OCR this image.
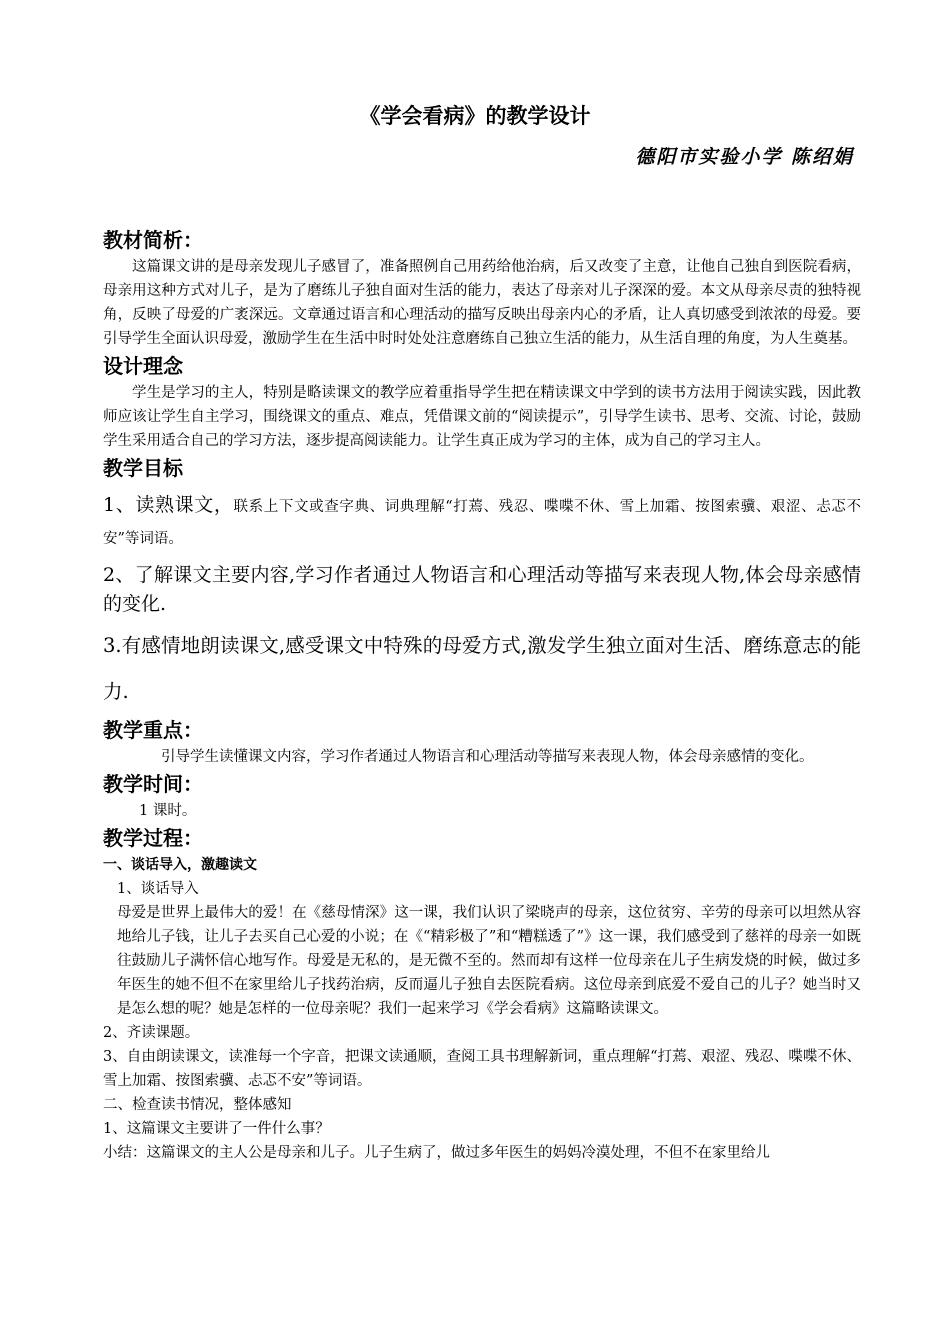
《学会看病》的教学设计
德阳市实验小学 陈绍娟
教材简析：

这篇课文讲的是母亲发现儿子感冒了，准备照例自己用药给他治病，后又改变了主意，让他自己独自到医院看病，母亲用这种方式对儿子，是为了磨练儿子独自面对生活的能力，表达了母亲对儿子深深的爱。本文从母亲尽责的独特视角，反映了母爱的广袤深远。文章通过语言和心理活动的描写反映出母亲内心的矛盾，让人真切感受到浓浓的母爱。要引导学生全面认识母爱，激励学生在生活中时时处处注意磨练自己独立生活的能力，从生活自理的角度，为人生奠基。

设计理念

学生是学习的主人，特别是略读课文的教学应着重指导学生把在精读课文中学到的读书方法用于阅读实践，因此教师应该让学生自主学习，围绕课文的重点、难点，凭借课文前的“阅读提示”，引导学生读书、思考、交流、讨论，鼓励学生采用适合自己的学习方法，逐步提高阅读能力。让学生真正成为学习的主体，成为自己的学习主人。

教学目标

1、读熟课文，联系上下文或查字典、词典理解“打蔫、残忍、喋喋不休、雪上加霜、按图索骥、艰涩、忐忑不安”等词语。

2、了解课文主要内容,学习作者通过人物语言和心理活动等描写来表现人物,体会母亲感情的变化.

3.有感情地朗读课文,感受课文中特殊的母爱方式,激发学生独立面对生活、磨练意志的能力.

教学重点：

引导学生读懂课文内容，学习作者通过人物语言和心理活动等描写来表现人物，体会母亲感情的变化。

教学时间：

1 课时。

教学过程：

一、谈话导入，激趣读文

1、谈话导入

母爱是世界上最伟大的爱！在《慈母情深》这一课，我们认识了梁晓声的母亲，这位贫穷、辛劳的母亲可以坦然从容地给儿子钱，让儿子去买自己心爱的小说；在《“精彩极了”和“糟糕透了”》这一课，我们感受到了慈祥的母亲一如既往鼓励儿子满怀信心地写作。母爱是无私的，是无微不至的。然而却有这样一位母亲在儿子生病发烧的时候，做过多年医生的她不但不在家里给儿子找药治病，反而逼儿子独自去医院看病。这位母亲到底爱不爱自己的儿子？她当时又是怎么想的呢？她是怎样的一位母亲呢？我们一起来学习《学会看病》这篇略读课文。

2、齐读课题。

3、自由朗读课文，读准每一个字音，把课文读通顺，查阅工具书理解新词，重点理解“打蔫、艰涩、残忍、喋喋不休、雪上加霜、按图索骥、忐忑不安”等词语。

二、检查读书情况，整体感知

1、这篇课文主要讲了一件什么事？

小结：这篇课文的主人公是母亲和儿子。儿子生病了，做过多年医生的妈妈冷漠处理，不但不在家里给儿
